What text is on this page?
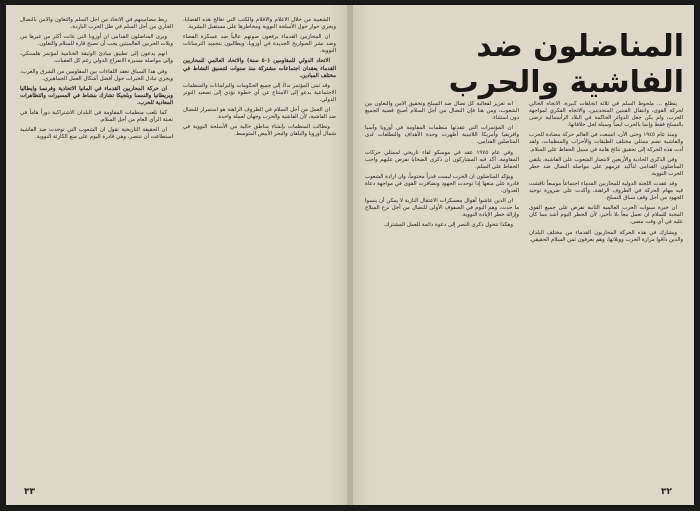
الشعبية من خلال الأعلام والأفلام والكتب التي تعالج هذه القضايا، ويجري حوار حول الأسلحة النووية ومخاطرها على مستقبل البشرية.

ان المحاربين القدماء يرفعون صوتهم عالياً ضد عسكرة الفضاء وضد نشر الصواريخ الجديدة في أوروبا، ويطالبون بتجميد الترسانات النووية.

الاتحاد الدولي للمقاومين (٥٠ سنة) والاتحاد العالمي للمحاربين القدماء يعقدان اجتماعات مشتركة منذ سنوات لتنسيق النشاط في مختلف الميادين.

وقد تبنى المؤتمر نداءً إلى جميع الحكومات والبرلمانات والمنظمات الاجتماعية يدعو إلى الامتناع عن أي خطوة تؤدي إلى تصعيد التوتر الدولي.

ان العمل من أجل السلام في الظروف الراهنة هو استمرار للنضال ضد الفاشية، لأن الفاشية والحرب وجهان لعملة واحدة.

وتطالب المنظمات بإنشاء مناطق خالية من الأسلحة النووية في شمال أوروبا والبلقان والبحر الأبيض المتوسط.

ربط مضامينهم في الاتحاد من أجل السلم والتعاون والأمن بالنضال الجاري من أجل السلم في ظل الحرب الباردة.

ويرى المناضلون القدامى ان أوروبا التي عانت أكثر من غيرها من ويلات الحربين العالميتين يجب أن تصبح قارة للسلام والتعاون.

انهم يدعون إلى تطبيق مبادئ الوثيقة الختامية لمؤتمر هلسنكي، وإلى مواصلة مسيرة الانفراج الدولي رغم كل العقبات.

وفي هذا السياق تعقد اللقاءات بين المقاومين من الشرق والغرب، ويجري تبادل الخبرات حول أفضل أشكال العمل الجماهيري.

ان حركة المحاربين القدماء في المانيا الاتحادية وفرنسا وايطاليا وبريطانيا والنمسا وبلجيكا تشارك بنشاط في المسيرات والتظاهرات المعادية للحرب.

كما تلعب منظمات المقاومة في البلدان الاشتراكية دوراً هاماً في تعبئة الرأي العام من أجل السلام.

ان الحقيقة التاريخية تقول ان الشعوب التي توحدت ضد الفاشية استطاعت أن تنتصر، وهي قادرة اليوم على منع الكارثة النووية.

٣٣
المناضلون ضد الفاشية والحرب

يتطلع ... ملحوظ السلم في ثلاثة اتجاهات كبيرة، الاتجاه الحالي لحركة القوى، وانتقال الفيتين المتحديتين، والاتجاه الفكري لمواجهة الحرب، ولم يكن جعل الدوائر الحاكمة في البلاد الرأسمالية ترضى بالتسلح فقط وإنما بالحرب ايضاً وسيلة لحل خلافاتها.

ومنذ عام ١٩٤٥ وحتى الآن، اتسعت في العالم حركة مضادة للحرب والفاشية تضم ممثلي مختلف الطبقات والأحزاب والمنظمات، ولقد أدت هذه الحركة إلى تحقيق نتائج هامة في سبيل الحفاظ على السلام.

وفي الذكرى الحادية والأربعين لانتصار الشعوب على الفاشية، يلتقي المناضلون القدامى لتأكيد عزمهم على مواصلة النضال ضد خطر الحرب النووية.

وقد عقدت اللجنة الدولية للمحاربين القدماء اجتماعاً موسعاً ناقشت فيه مهام الحركة في الظروف الراهنة، وأكدت على ضرورة توحيد الجهود من أجل وقف سباق التسلح.

ان خبرة سنوات الحرب العالمية الثانية تفرض على جميع القوى المحبة للسلام ان تعمل معاً بلا تأخير، لأن الخطر اليوم أشد مما كان عليه في أي وقت مضى.

ويشارك في هذه الحركة المحاربون القدماء من مختلف البلدان والذين ذاقوا مرارة الحرب وويلاتها، وهم يعرفون ثمن السلام الحقيقي.

انه تعزيز لفعالية كل نضال ضد التسلح وتحقيق الأمن والتعاون بين الشعوب، ومن هنا فإن النضال من أجل السلام أصبح قضية الجميع دون استثناء.

ان المؤتمرات التي عقدتها منظمات المقاومة في أوروبا وآسيا وافريقيا وأمريكا اللاتينية أظهرت وحدة الأهداف والتطلعات لدى المناضلين القدامى.

وفي عام ١٩٧٥ عقد في موسكو لقاء تاريخي لممثلي حركات المقاومة، أكد فيه المشاركون ان ذكرى الضحايا تفرض عليهم واجب الحفاظ على السلم.

ويؤكد المناضلون ان الحرب ليست قدراً محتوماً، وان ارادة الشعوب قادرة على منعها إذا توحدت الجهود وتضافرت القوى في مواجهة دعاة العدوان.

ان الذين عاشوا أهوال معسكرات الاعتقال النازية لا يمكن أن ينسوا ما حدث، وهم اليوم في الصفوف الأولى للنضال من أجل نزع السلاح وإزالة خطر الإبادة النووية.

وهكذا تتحول ذكرى النصر إلى دعوة دائمة للعمل المشترك.

٣٢
